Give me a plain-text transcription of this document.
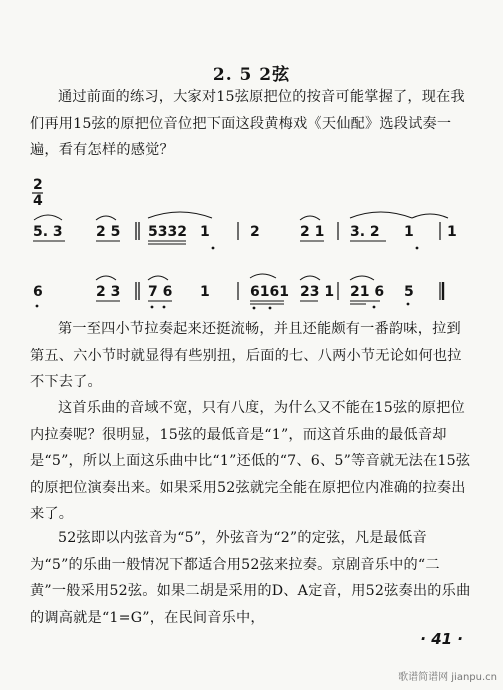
2. 5 2弦

通过前面的练习，大家对15弦原把位的按音可能掌握了，现在我们再用15弦的原把位音位把下面这段黄梅戏《天仙配》选段试奏一遍，看有怎样的感觉？

2
4
5. 3 2 5 5332 1	2	2 1 3. 2 1 1
6	2 3 7 6 1	6161 23 1 21 6 5

第一至四小节拉奏起来还挺流畅，并且还能颇有一番韵味，拉到第五、六小节时就显得有些别扭，后面的七、八两小节无论如何也拉不下去了。

这首乐曲的音域不宽，只有八度，为什么又不能在15弦的原把位内拉奏呢？很明显，15弦的最低音是“1”，而这首乐曲的最低音却是“5”，所以上面这乐曲中比“1”还低的“7、6、5”等音就无法在15弦的原把位演奏出来。如果采用52弦就完全能在原把位内准确的拉奏出来了。

52弦即以内弦音为“5”，外弦音为“2”的定弦，凡是最低音为“5”的乐曲一般情况下都适合用52弦来拉奏。京剧音乐中的“二黄”一般采用52弦。如果二胡是采用的D、A定音，用52弦奏出的乐曲的调高就是“1=G”，在民间音乐中，

· 41 ·
歌谱简谱网 jianpu.cn
